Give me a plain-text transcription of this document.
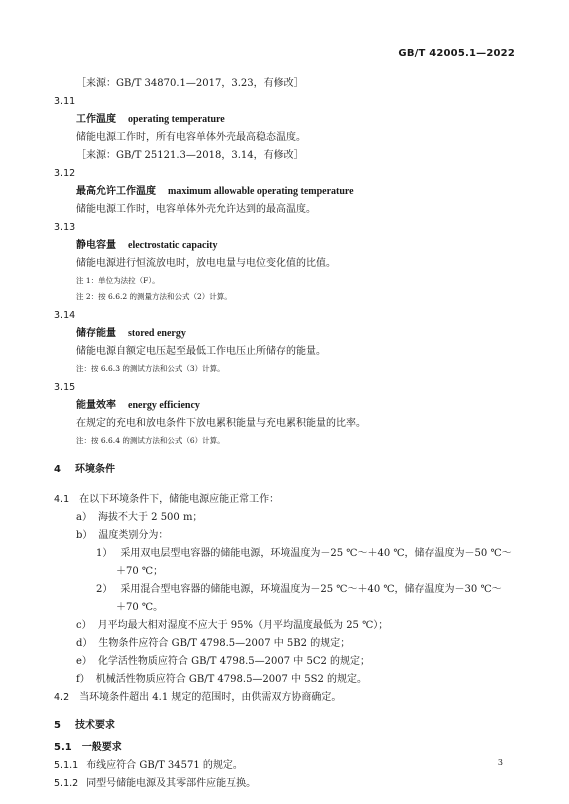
GB/T 42005.1—2022
［来源：GB/T 34870.1—2017，3.23，有修改］
3.11
工作温度 operating temperature
储能电源工作时，所有电容单体外壳最高稳态温度。
［来源：GB/T 25121.3—2018，3.14，有修改］
3.12
最高允许工作温度 maximum allowable operating temperature
储能电源工作时，电容单体外壳允许达到的最高温度。
3.13
静电容量 electrostatic capacity
储能电源进行恒流放电时，放电电量与电位变化值的比值。
注 1：单位为法拉（F）。
注 2：按 6.6.2 的测量方法和公式（2）计算。
3.14
储存能量 stored energy
储能电源自额定电压起至最低工作电压止所储存的能量。
注：按 6.6.3 的测试方法和公式（3）计算。
3.15
能量效率 energy efficiency
在规定的充电和放电条件下放电累积能量与充电累积能量的比率。
注：按 6.6.4 的测试方法和公式（6）计算。
4 环境条件
4.1 在以下环境条件下，储能电源应能正常工作：
a） 海拔不大于 2 500 m；
b） 温度类别分为：
1） 采用双电层型电容器的储能电源，环境温度为－25 ℃～＋40 ℃，储存温度为－50 ℃～
＋70 ℃；
2） 采用混合型电容器的储能电源，环境温度为－25 ℃～＋40 ℃，储存温度为－30 ℃～
＋70 ℃。
c） 月平均最大相对湿度不应大于 95%（月平均温度最低为 25 ℃）；
d） 生物条件应符合 GB/T 4798.5—2007 中 5B2 的规定；
e） 化学活性物质应符合 GB/T 4798.5—2007 中 5C2 的规定；
f） 机械活性物质应符合 GB/T 4798.5—2007 中 5S2 的规定。
4.2 当环境条件超出 4.1 规定的范围时，由供需双方协商确定。
5 技术要求
5.1 一般要求
5.1.1 布线应符合 GB/T 34571 的规定。
5.1.2 同型号储能电源及其零部件应能互换。
3
